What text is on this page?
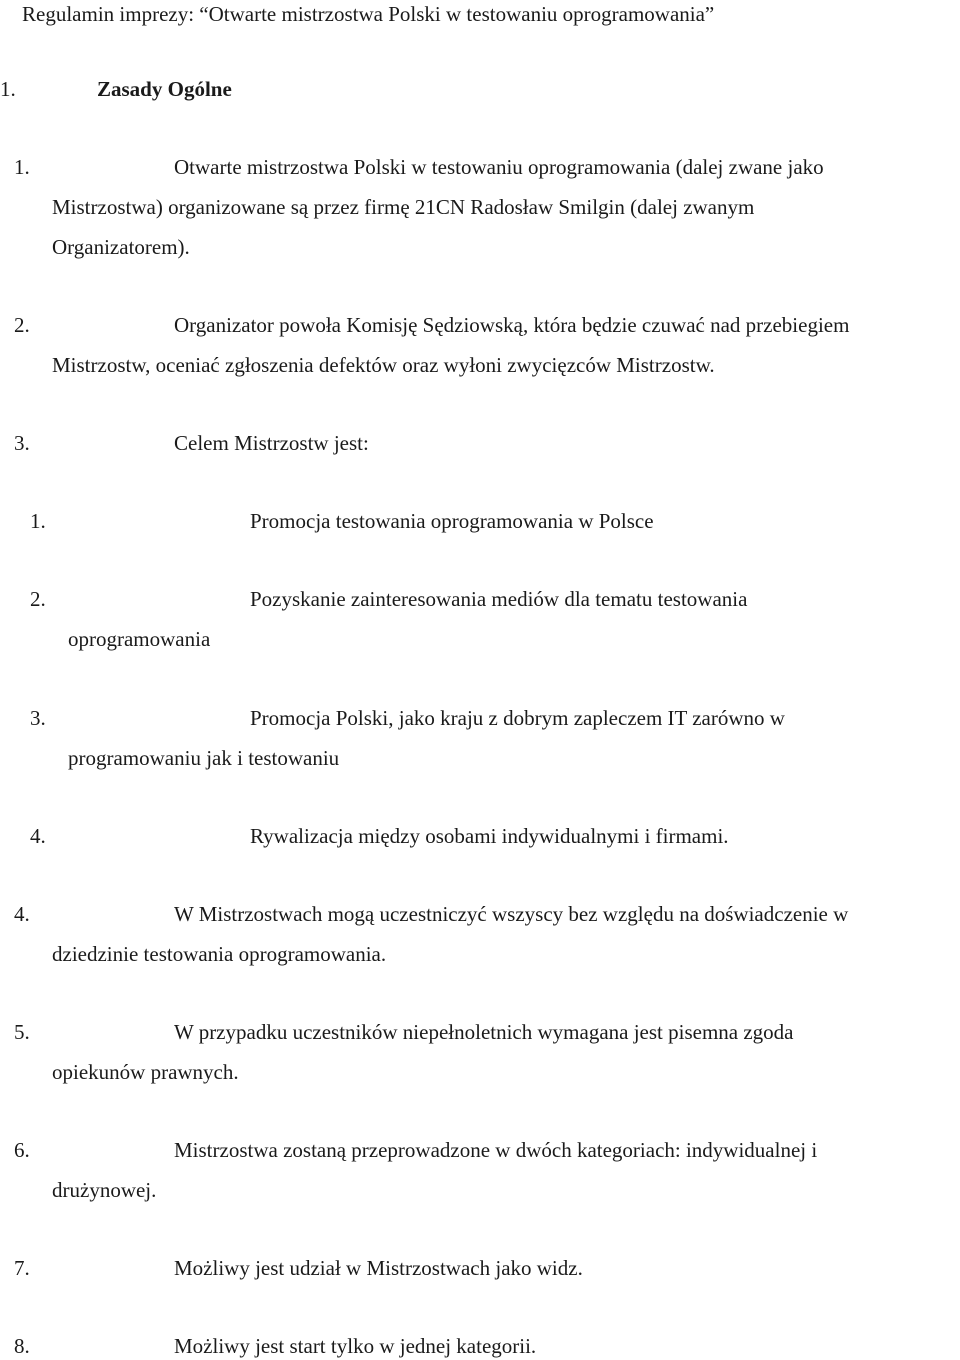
Regulamin imprezy: “Otwarte mistrzostwa Polski w testowaniu oprogramowania”
1.	Zasady Ogólne
1.	Otwarte mistrzostwa Polski w testowaniu oprogramowania (dalej zwane jako
Mistrzostwa) organizowane są przez firmę 21CN Radosław Smilgin (dalej zwanym
Organizatorem).
2.	Organizator powoła Komisję Sędziowską, która będzie czuwać nad przebiegiem
Mistrzostw, oceniać zgłoszenia defektów oraz wyłoni zwycięzców Mistrzostw.
3.	Celem Mistrzostw jest:
1.	Promocja testowania oprogramowania w Polsce
2.	Pozyskanie zainteresowania mediów dla tematu testowania
oprogramowania
3.	Promocja Polski, jako kraju z dobrym zapleczem IT zarówno w
programowaniu jak i testowaniu
4.	Rywalizacja między osobami indywidualnymi i firmami.
4.	W Mistrzostwach mogą uczestniczyć wszyscy bez względu na doświadczenie w
dziedzinie testowania oprogramowania.
5.	W przypadku uczestników niepełnoletnich wymagana jest pisemna zgoda
opiekunów prawnych.
6.	Mistrzostwa zostaną przeprowadzone w dwóch kategoriach: indywidualnej i
drużynowej.
7.	Możliwy jest udział w Mistrzostwach jako widz.
8.	Możliwy jest start tylko w jednej kategorii.
